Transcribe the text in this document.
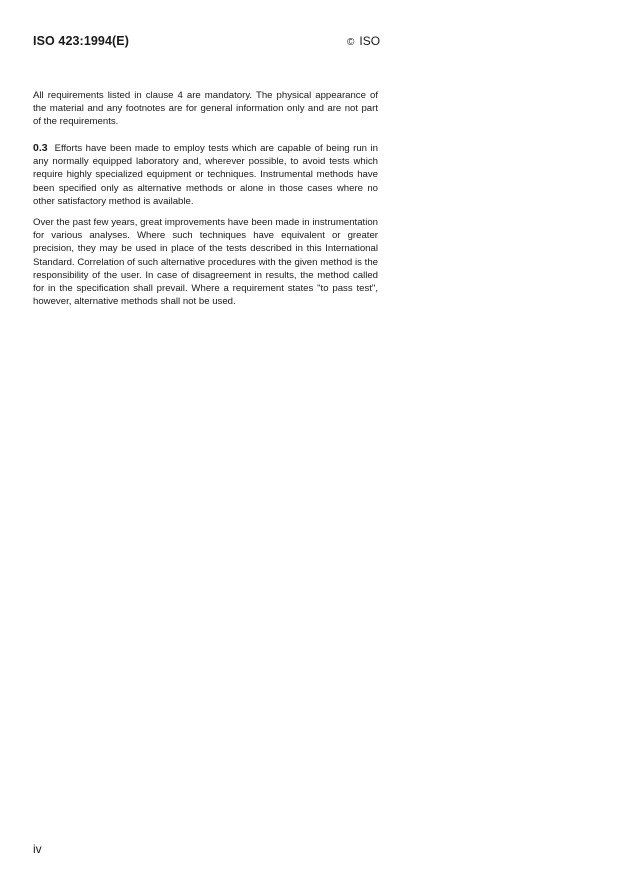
ISO 423:1994(E)	© ISO

All requirements listed in clause 4 are mandatory. The physical appearance of the material and any footnotes are for general information only and are not part of the requirements.

0.3 Efforts have been made to employ tests which are capable of being run in any normally equipped laboratory and, wherever possible, to avoid tests which require highly specialized equipment or techniques. Instrumental methods have been specified only as alternative methods or alone in those cases where no other satisfactory method is available.

Over the past few years, great improvements have been made in instrumentation for various analyses. Where such techniques have equivalent or greater precision, they may be used in place of the tests described in this International Standard. Correlation of such alternative procedures with the given method is the responsibility of the user. In case of disagreement in results, the method called for in the specification shall prevail. Where a requirement states "to pass test", however, alternative methods shall not be used.

iv
